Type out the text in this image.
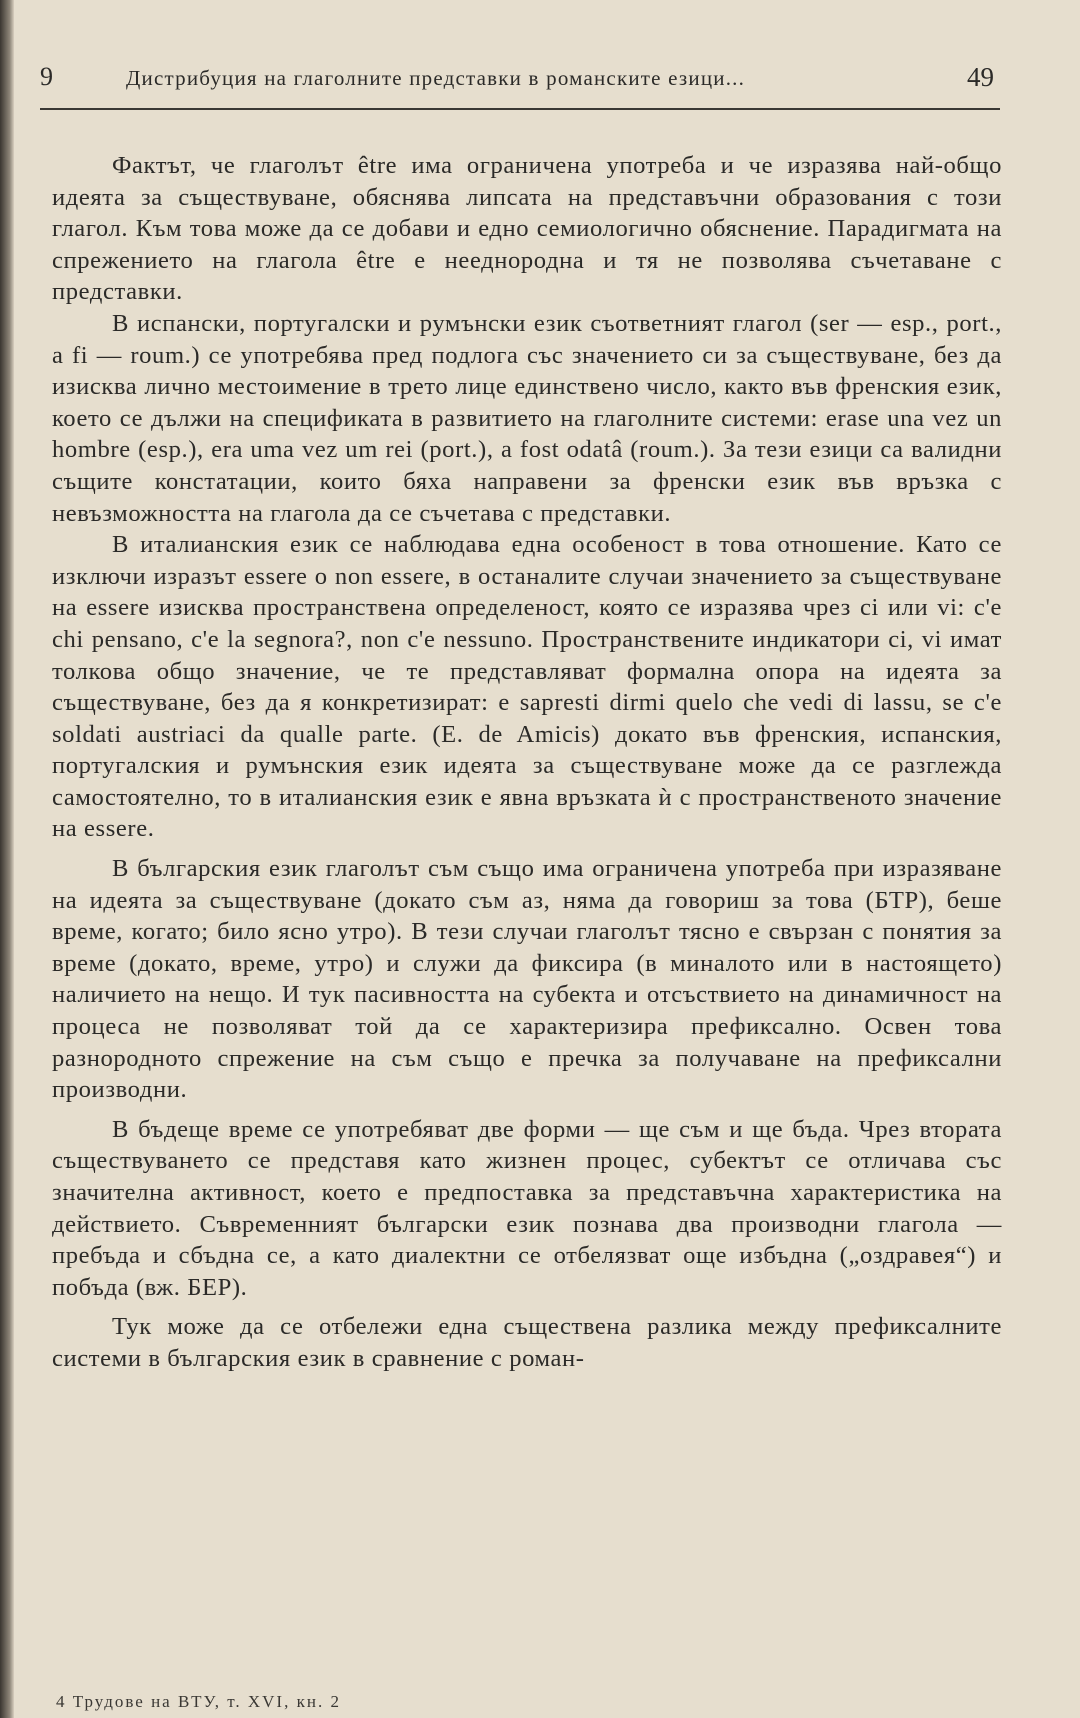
9	Дистрибуция на глаголните представки в романските езици...	49

Фактът, че глаголът être има ограничена употреба и че изразява най-общо идеята за съществуване, обяснява липсата на представъчни образования с този глагол. Към това може да се добави и едно семиологично обяснение. Парадигмата на спрежението на глагола être е нееднородна и тя не позволява съчетаване с представки.

В испански, португалски и румънски език съответният глагол (ser — esp., port., a fi — roum.) се употребява пред подлога със значението си за съществуване, без да изисква лично местоимение в трето лице единствено число, както във френския език, което се дължи на спецификата в развитието на глаголните системи: erase una vez un hombre (esp.), era uma vez um rei (port.), a fost odatâ (roum.). За тези езици са валидни същите констатации, които бяха направени за френски език във връзка с невъзможността на глагола да се съчетава с представки.

В италианския език се наблюдава една особеност в това отношение. Като се изключи изразът essere o non essere, в останалите случаи значението за съществуване на essere изисква пространствена определеност, която се изразява чрез ci или vi: c'e chi pensano, c'e la segnora?, non c'e nessuno. Пространствените индикатори ci, vi имат толкова общо значение, че те представляват формална опора на идеята за съществуване, без да я конкретизират: e sapresti dirmi quelo che vedi di lassu, se c'e soldati austriaci da qualle parte. (E. de Amicis) докато във френския, испанския, португалския и румънския език идеята за съществуване може да се разглежда самостоятелно, то в италианския език е явна връзката ѝ с пространственото значение на essere.

В българския език глаголът съм също има ограничена употреба при изразяване на идеята за съществуване (докато съм аз, няма да говориш за това (БТР), беше време, когато; било ясно утро). В тези случаи глаголът тясно е свързан с понятия за време (докато, време, утро) и служи да фиксира (в миналото или в настоящето) наличието на нещо. И тук пасивността на субекта и отсъствието на динамичност на процеса не позволяват той да се характеризира префиксално. Освен това разнородното спрежение на съм също е пречка за получаване на префиксални производни.

В бъдеще време се употребяват две форми — ще съм и ще бъда. Чрез втората съществуването се представя като жизнен процес, субектът се отличава със значителна активност, което е предпоставка за представъчна характеристика на действието. Съвременният български език познава два производни глагола — пребъда и сбъдна се, а като диалектни се отбелязват още избъдна („оздравея“) и побъда (вж. БЕР).

Тук може да се отбележи една съществена разлика между префиксалните системи в българския език в сравнение с роман-

4 Трудове на ВТУ, т. XVI, кн. 2
